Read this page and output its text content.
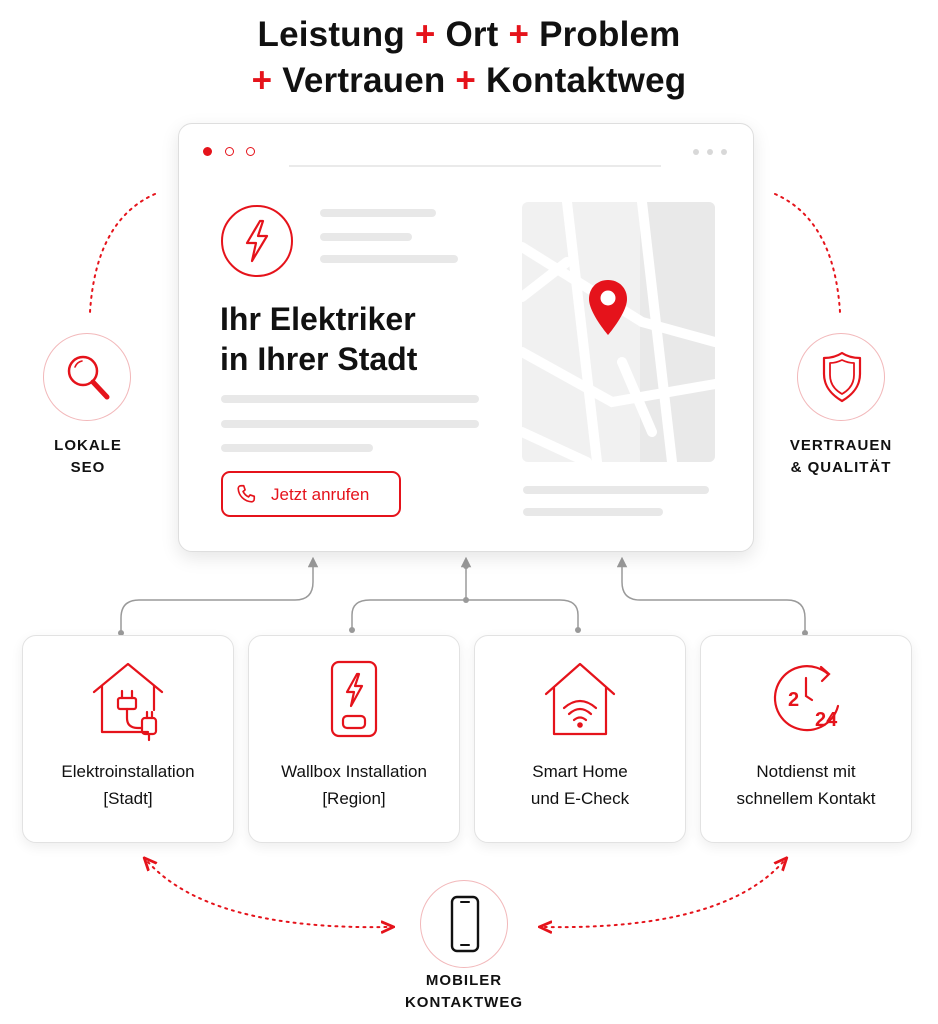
Leistung + Ort + Problem
+ Vertrauen + Kontaktweg
Ihr Elektriker
in Ihrer Stadt
Jetzt anrufen
LOKALE
SEO
VERTRAUEN
& QUALITÄT
Elektroinstallation
[Stadt]
Wallbox Installation
[Region]
Smart Home
und E-Check
2
24
Notdienst mit
schnellem Kontakt
MOBILER
KONTAKTWEG
